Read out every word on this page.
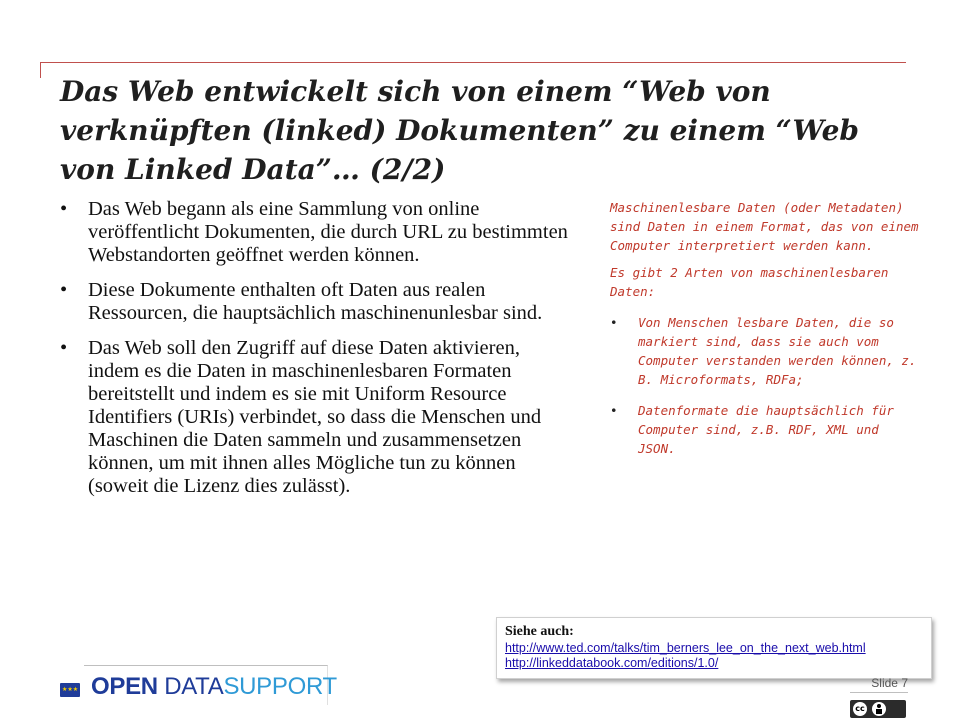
Das Web entwickelt sich von einem “Web von verknüpften (linked) Dokumenten” zu einem “Web von Linked Data”… (2/2)
• Das Web begann als eine Sammlung von online veröffentlicht Dokumenten, die durch URL zu bestimmten Webstandorten geöffnet werden können.
• Diese Dokumente enthalten oft Daten aus realen Ressourcen, die hauptsächlich maschinenunlesbar sind.
• Das Web soll den Zugriff auf diese Daten aktivieren, indem es die Daten in maschinenlesbaren Formaten bereitstellt und indem es sie mit Uniform Resource Identifiers (URIs) verbindet, so dass die Menschen und Maschinen die Daten sammeln und zusammensetzen können, um mit ihnen alles Mögliche tun zu können (soweit die Lizenz dies zulässt).

Maschinenlesbare Daten (oder Metadaten) sind Daten in einem Format, das von einem Computer interpretiert werden kann.

Es gibt 2 Arten von maschinenlesbaren Daten:

• Von Menschen lesbare Daten, die so markiert sind, dass sie auch vom Computer verstanden werden können, z. B. Microformats, RDFa;
• Datenformate die hauptsächlich für Computer sind, z.B. RDF, XML und JSON.
Siehe auch:
http://www.ted.com/talks/tim_berners_lee_on_the_next_web.html
http://linkeddatabook.com/editions/1.0/
★★★ OPEN DATASUPPORT	Slide 7
cc
